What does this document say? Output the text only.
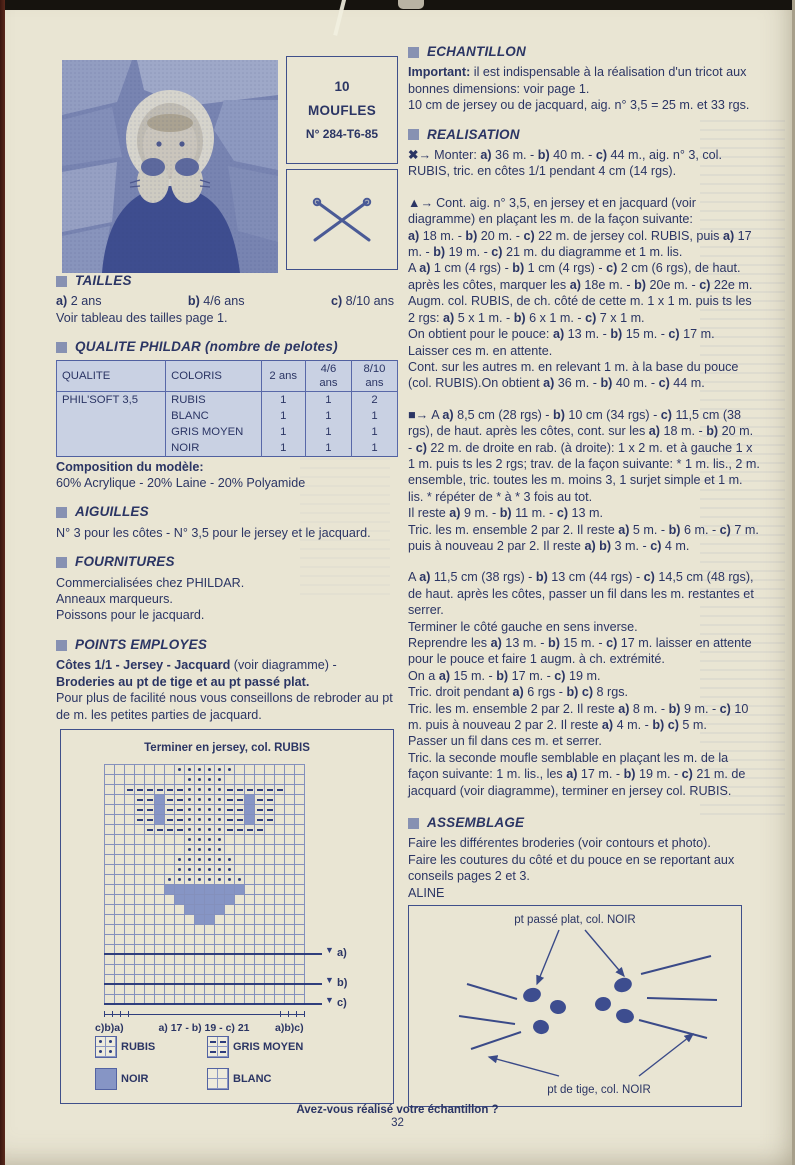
10
MOUFLES
N° 284-T6-85
TAILLES
a) 2 ans	b) 4/6 ans	c) 8/10 ans
Voir tableau des tailles page 1.
QUALITE PHILDAR (nombre de pelotes)
QUALITE	COLORIS	2 ans	4/6 ans	8/10 ans
PHIL'SOFT 3,5	RUBIS	1	1	2
	BLANC	1	1	1
	GRIS MOYEN	1	1	1
	NOIR	1	1	1
Composition du modèle:
60% Acrylique - 20% Laine - 20% Polyamide
AIGUILLES
N° 3 pour les côtes - N° 3,5 pour le jersey et le jacquard.
FOURNITURES
Commercialisées chez PHILDAR.
Anneaux marqueurs.
Poissons pour le jacquard.
POINTS EMPLOYES
Côtes 1/1 - Jersey - Jacquard (voir diagramme) - Broderies au pt de tige et au pt passé plat.
Pour plus de facilité nous vous conseillons de rebroder au pt de m. les petites parties de jacquard.
ECHANTILLON
Important: il est indispensable à la réalisation d'un tricot aux bonnes dimensions: voir page 1.
10 cm de jersey ou de jacquard, aig. n° 3,5 = 25 m. et 33 rgs.
REALISATION
✖→ Monter: a) 36 m. - b) 40 m. - c) 44 m., aig. n° 3, col. RUBIS, tric. en côtes 1/1 pendant 4 cm (14 rgs).
▲→ Cont. aig. n° 3,5, en jersey et en jacquard (voir diagramme) en plaçant les m. de la façon suivante:
a) 18 m. - b) 20 m. - c) 22 m. de jersey col. RUBIS, puis a) 17 m. - b) 19 m. - c) 21 m. du diagramme et 1 m. lis.
A a) 1 cm (4 rgs) - b) 1 cm (4 rgs) - c) 2 cm (6 rgs), de haut. après les côtes, marquer les a) 18e m. - b) 20e m. - c) 22e m.
Augm. col. RUBIS, de ch. côté de cette m. 1 x 1 m. puis ts les 2 rgs: a) 5 x 1 m. - b) 6 x 1 m. - c) 7 x 1 m.
On obtient pour le pouce: a) 13 m. - b) 15 m. - c) 17 m.
Laisser ces m. en attente.
Cont. sur les autres m. en relevant 1 m. à la base du pouce (col. RUBIS).On obtient a) 36 m. - b) 40 m. - c) 44 m.
■→ A a) 8,5 cm (28 rgs) - b) 10 cm (34 rgs) - c) 11,5 cm (38 rgs), de haut. après les côtes, cont. sur les a) 18 m. - b) 20 m. - c) 22 m. de droite en rab. (à droite): 1 x 2 m. et à gauche 1 x 1 m. puis ts les 2 rgs; trav. de la façon suivante: * 1 m. lis., 2 m. ensemble, tric. toutes les m. moins 3, 1 surjet simple et 1 m. lis. * répéter de * à * 3 fois au tot.
Il reste a) 9 m. - b) 11 m. - c) 13 m.
Tric. les m. ensemble 2 par 2. Il reste a) 5 m. - b) 6 m. - c) 7 m. puis à nouveau 2 par 2. Il reste a) b) 3 m. - c) 4 m.
A a) 11,5 cm (38 rgs) - b) 13 cm (44 rgs) - c) 14,5 cm (48 rgs), de haut. après les côtes, passer un fil dans les m. restantes et serrer.
Terminer le côté gauche en sens inverse.
Reprendre les a) 13 m. - b) 15 m. - c) 17 m. laisser en attente pour le pouce et faire 1 augm. à ch. extrémité.
On a a) 15 m. - b) 17 m. - c) 19 m.
Tric. droit pendant a) 6 rgs - b) c) 8 rgs.
Tric. les m. ensemble 2 par 2. Il reste a) 8 m. - b) 9 m. - c) 10 m. puis à nouveau 2 par 2. Il reste a) 4 m. - b) c) 5 m.
Passer un fil dans ces m. et serrer.
Tric. la seconde moufle semblable en plaçant les m. de la façon suivante: 1 m. lis., les a) 17 m. - b) 19 m. - c) 21 m. de jacquard (voir diagramme), terminer en jersey col. RUBIS.
ASSEMBLAGE
Faire les différentes broderies (voir contours et photo).
Faire les coutures du côté et du pouce en se reportant aux conseils pages 2 et 3.
ALINE
Terminer en jersey, col. RUBIS
▼ a)
▼ b)
▼ c)
c)b)a)	a) 17 - b) 19 - c) 21	a)b)c)
RUBIS	GRIS MOYEN
NOIR	BLANC
pt passé plat, col. NOIR
pt de tige, col. NOIR
Avez-vous réalisé votre échantillon ?
32
